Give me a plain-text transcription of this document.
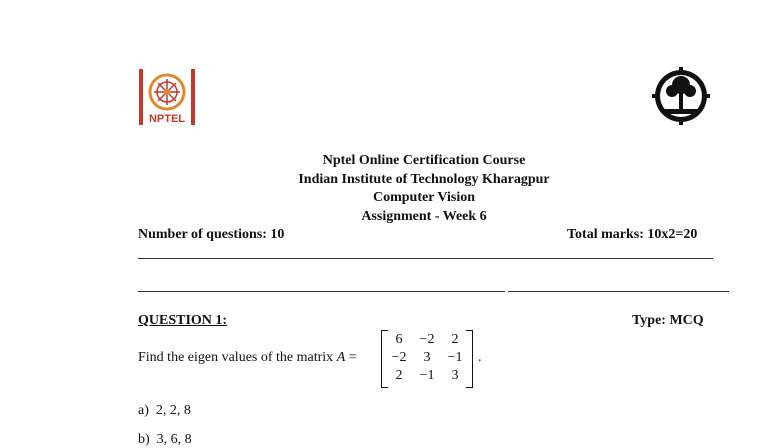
NPTEL
Nptel Online Certification Course
Indian Institute of Technology Kharagpur
Computer Vision
Assignment - Week 6
Number of questions: 10	Total marks: 10x2=20
QUESTION 1:	Type: MCQ
Find the eigen values of the matrix A =
6	−2	2
−2	3	−1
2	−1	3
.
a) 2, 2, 8
b) 3, 6, 8
